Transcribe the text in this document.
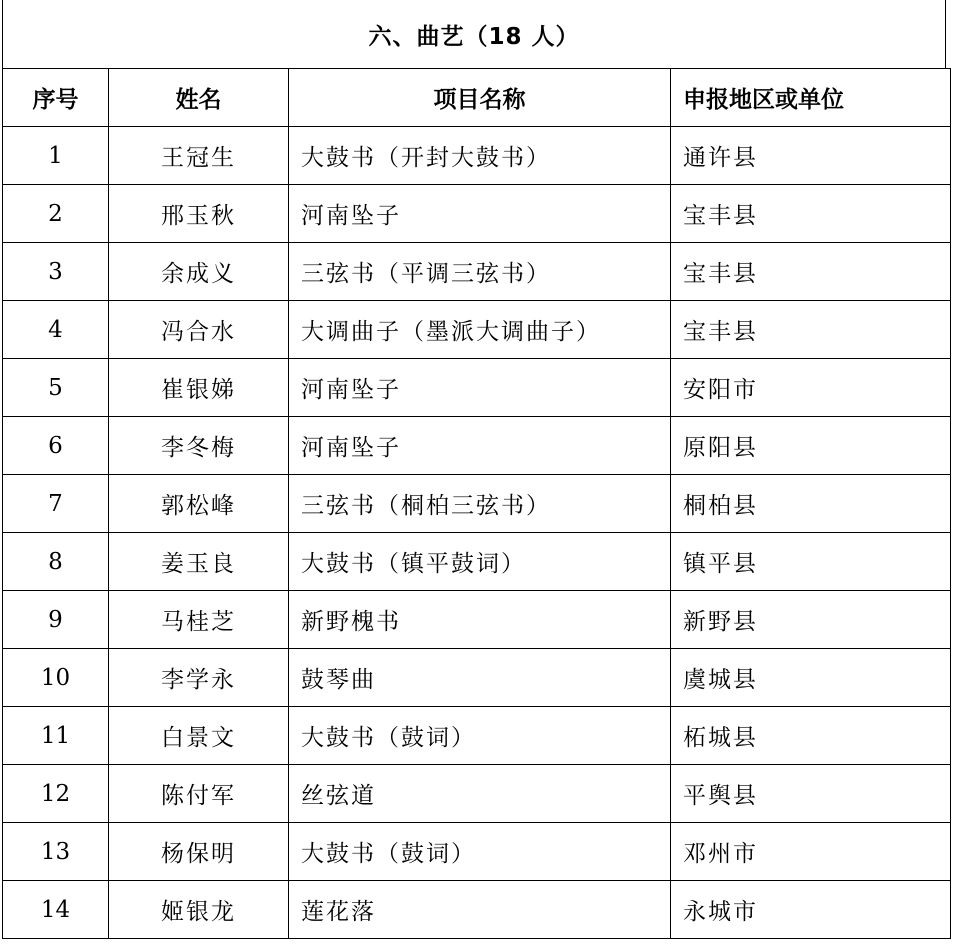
六、曲艺（18 人）
序号	姓名	项目名称	申报地区或单位
1	王冠生	大鼓书（开封大鼓书）	通许县
2	邢玉秋	河南坠子	宝丰县
3	余成义	三弦书（平调三弦书）	宝丰县
4	冯合水	大调曲子（墨派大调曲子）	宝丰县
5	崔银娣	河南坠子	安阳市
6	李冬梅	河南坠子	原阳县
7	郭松峰	三弦书（桐柏三弦书）	桐柏县
8	姜玉良	大鼓书（镇平鼓词）	镇平县
9	马桂芝	新野槐书	新野县
10	李学永	鼓琴曲	虞城县
11	白景文	大鼓书（鼓词）	柘城县
12	陈付军	丝弦道	平舆县
13	杨保明	大鼓书（鼓词）	邓州市
14	姬银龙	莲花落	永城市
